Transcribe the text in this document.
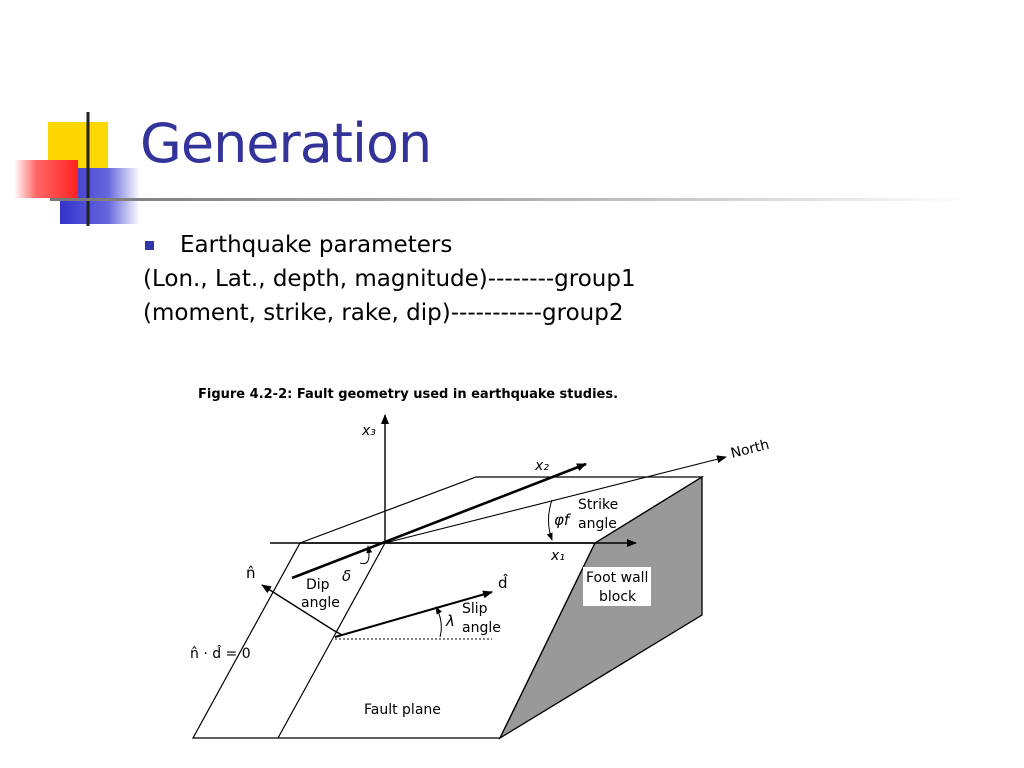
Generation
Earthquake parameters
(Lon., Lat., depth, magnitude)--------group1
(moment, strike, rake, dip)-----------group2
Figure 4.2-2: Fault geometry used in earthquake studies.
x₃
x₂
x₁
North
Strike
angle
φf
δ
Dip
angle
n̂
d̂
λ
Slip
angle
n̂ · d̂ = 0
Fault plane
Foot wall
block
